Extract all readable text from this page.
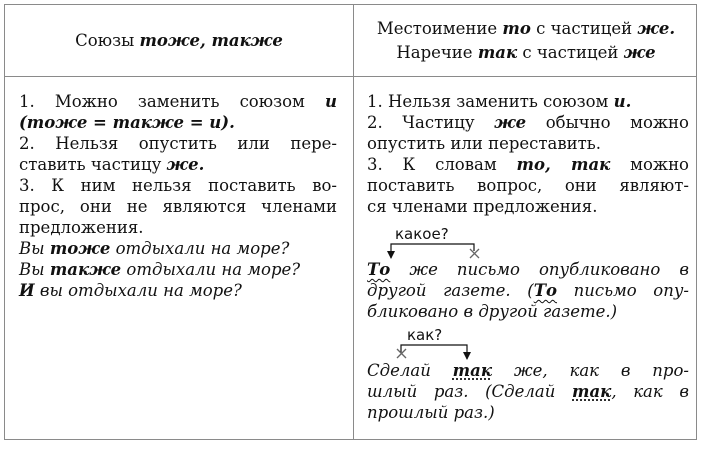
Союзы тоже, также
Местоимение то с частицей же.
Наречие так с частицей же

1. Можно заменить союзом и

(тоже = также = и).

2. Нельзя опустить или пере-

ставить частицу же.

3. К ним нельзя поставить во-

прос, они не являются членами

предложения.

Вы тоже отдыхали на море?

Вы также отдыхали на море?

И вы отдыхали на море?

1. Нельзя заменить союзом и.

2. Частицу же обычно можно

опустить или переставить.

3. К словам то, так можно

поставить вопрос, они являют-

ся членами предложения.

какое?

То же письмо опубликовано в

другой газете. (То письмо опу-

бликовано в другой газете.)

как?

Сделай так же, как в про-

шлый раз. (Сделай так, как в

прошлый раз.)
